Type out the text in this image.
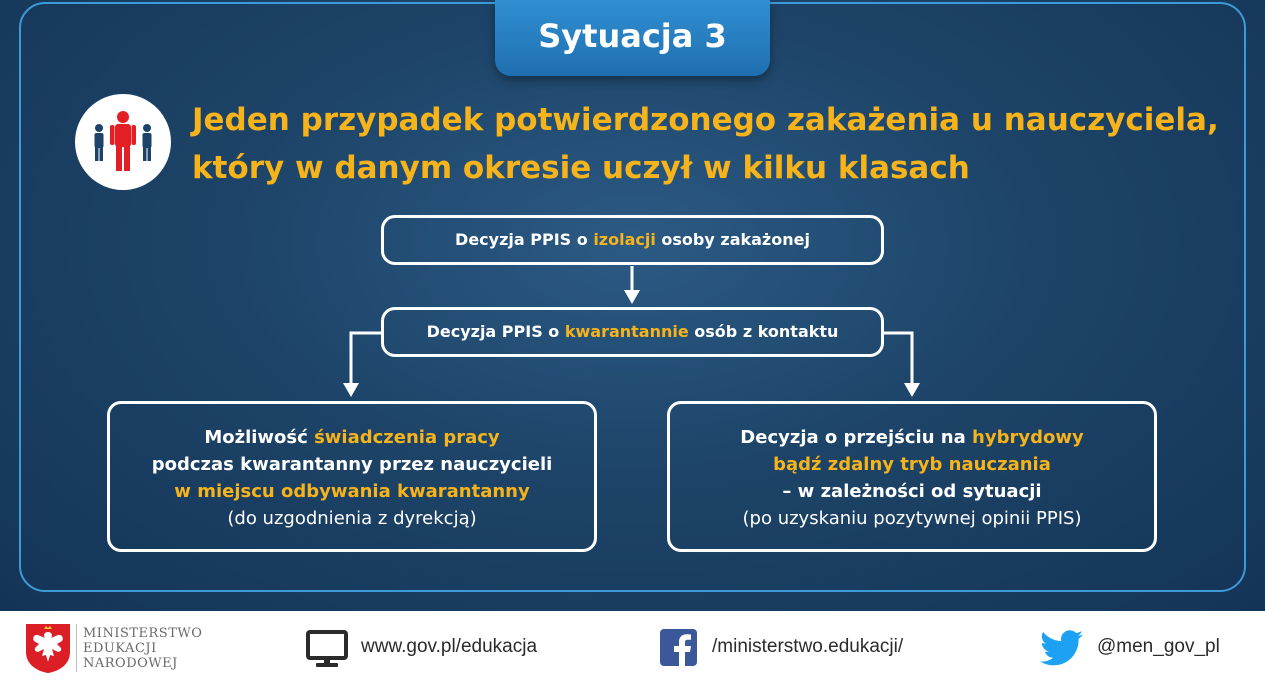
Sytuacja 3
Jeden przypadek potwierdzonego zakażenia u nauczyciela,
który w danym okresie uczył w kilku klasach
Decyzja PPIS o izolacji osoby zakażonej
Decyzja PPIS o kwarantannie osób z kontaktu
Możliwość świadczenia pracy
podczas kwarantanny przez nauczycieli
w miejscu odbywania kwarantanny
(do uzgodnienia z dyrekcją)
Decyzja o przejściu na hybrydowy
bądź zdalny tryb nauczania
– w zależności od sytuacji
(po uzyskaniu pozytywnej opinii PPIS)
MINISTERSTWO
EDUKACJI
NARODOWEJ
www.gov.pl/edukacja	/ministerstwo.edukacji/	@men_gov_pl
